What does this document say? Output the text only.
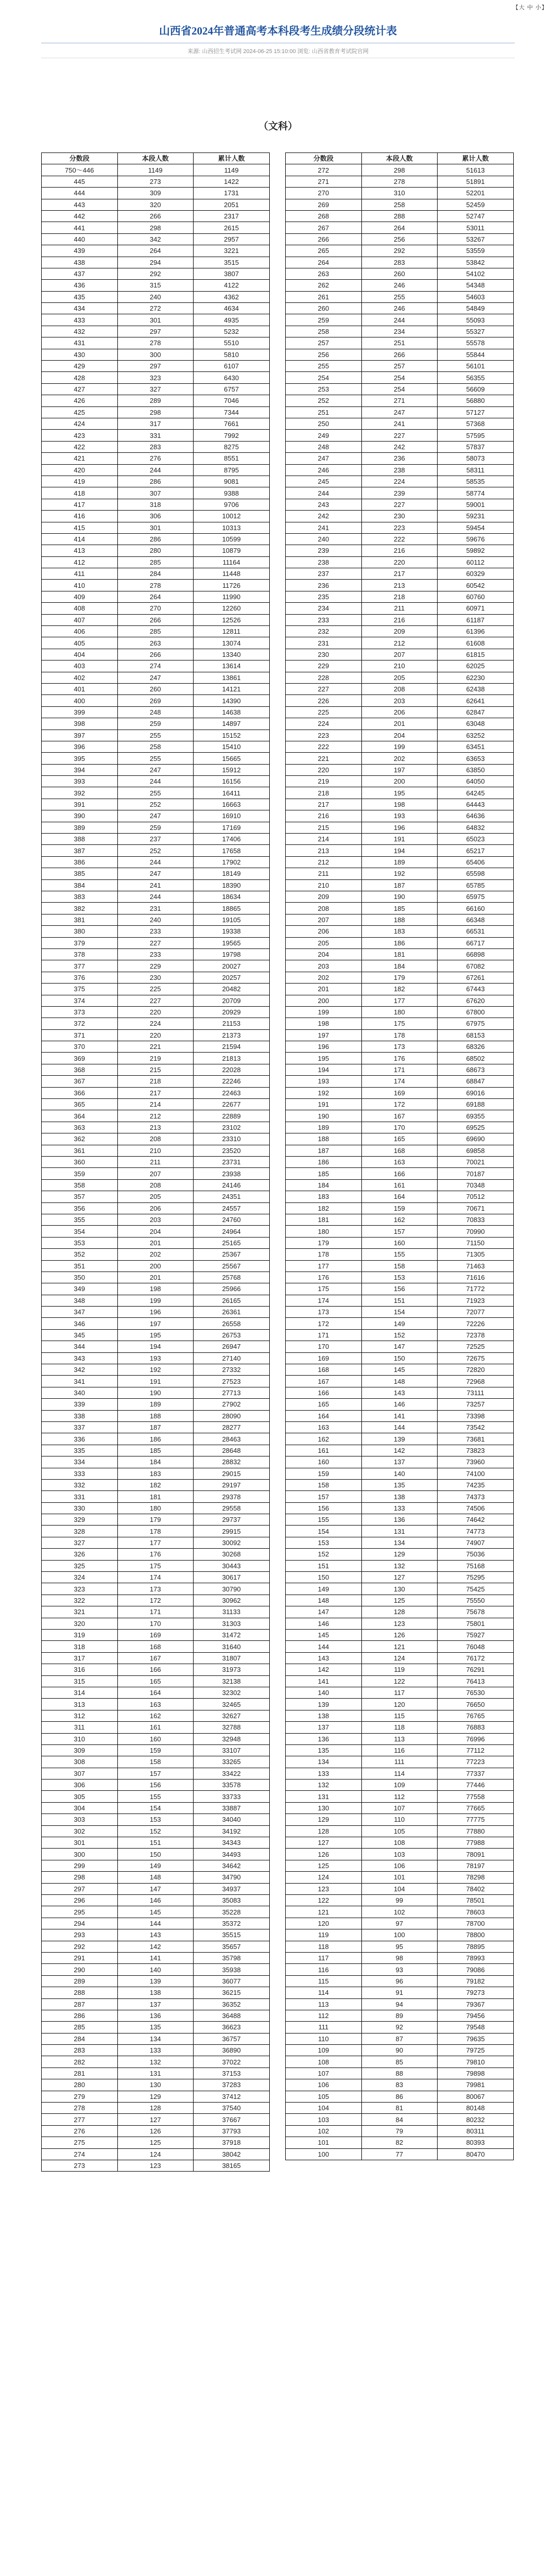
【大 中 小】
山西省2024年普通高考本科段考生成绩分段统计表
来源: 山西招生考试网 2024-06-25 15:10:00 浏览: 山西省教育考试院官网
（文科）
分数段	本段人数	累计人数
750～446	1149	1149
445	273	1422
444	309	1731
443	320	2051
442	266	2317
441	298	2615
440	342	2957
439	264	3221
438	294	3515
437	292	3807
436	315	4122
435	240	4362
434	272	4634
433	301	4935
432	297	5232
431	278	5510
430	300	5810
429	297	6107
428	323	6430
427	327	6757
426	289	7046
425	298	7344
424	317	7661
423	331	7992
422	283	8275
421	276	8551
420	244	8795
419	286	9081
418	307	9388
417	318	9706
416	306	10012
415	301	10313
414	286	10599
413	280	10879
412	285	11164
411	284	11448
410	278	11726
409	264	11990
408	270	12260
407	266	12526
406	285	12811
405	263	13074
404	266	13340
403	274	13614
402	247	13861
401	260	14121
400	269	14390
399	248	14638
398	259	14897
397	255	15152
396	258	15410
395	255	15665
394	247	15912
393	244	16156
392	255	16411
391	252	16663
390	247	16910
389	259	17169
388	237	17406
387	252	17658
386	244	17902
385	247	18149
384	241	18390
383	244	18634
382	231	18865
381	240	19105
380	233	19338
379	227	19565
378	233	19798
377	229	20027
376	230	20257
375	225	20482
374	227	20709
373	220	20929
372	224	21153
371	220	21373
370	221	21594
369	219	21813
368	215	22028
367	218	22246
366	217	22463
365	214	22677
364	212	22889
363	213	23102
362	208	23310
361	210	23520
360	211	23731
359	207	23938
358	208	24146
357	205	24351
356	206	24557
355	203	24760
354	204	24964
353	201	25165
352	202	25367
351	200	25567
350	201	25768
349	198	25966
348	199	26165
347	196	26361
346	197	26558
345	195	26753
344	194	26947
343	193	27140
342	192	27332
341	191	27523
340	190	27713
339	189	27902
338	188	28090
337	187	28277
336	186	28463
335	185	28648
334	184	28832
333	183	29015
332	182	29197
331	181	29378
330	180	29558
329	179	29737
328	178	29915
327	177	30092
326	176	30268
325	175	30443
324	174	30617
323	173	30790
322	172	30962
321	171	31133
320	170	31303
319	169	31472
318	168	31640
317	167	31807
316	166	31973
315	165	32138
314	164	32302
313	163	32465
312	162	32627
311	161	32788
310	160	32948
309	159	33107
308	158	33265
307	157	33422
306	156	33578
305	155	33733
304	154	33887
303	153	34040
302	152	34192
301	151	34343
300	150	34493
299	149	34642
298	148	34790
297	147	34937
296	146	35083
295	145	35228
294	144	35372
293	143	35515
292	142	35657
291	141	35798
290	140	35938
289	139	36077
288	138	36215
287	137	36352
286	136	36488
285	135	36623
284	134	36757
283	133	36890
282	132	37022
281	131	37153
280	130	37283
279	129	37412
278	128	37540
277	127	37667
276	126	37793
275	125	37918
274	124	38042
273	123	38165
分数段	本段人数	累计人数
272	298	51613
271	278	51891
270	310	52201
269	258	52459
268	288	52747
267	264	53011
266	256	53267
265	292	53559
264	283	53842
263	260	54102
262	246	54348
261	255	54603
260	246	54849
259	244	55093
258	234	55327
257	251	55578
256	266	55844
255	257	56101
254	254	56355
253	254	56609
252	271	56880
251	247	57127
250	241	57368
249	227	57595
248	242	57837
247	236	58073
246	238	58311
245	224	58535
244	239	58774
243	227	59001
242	230	59231
241	223	59454
240	222	59676
239	216	59892
238	220	60112
237	217	60329
236	213	60542
235	218	60760
234	211	60971
233	216	61187
232	209	61396
231	212	61608
230	207	61815
229	210	62025
228	205	62230
227	208	62438
226	203	62641
225	206	62847
224	201	63048
223	204	63252
222	199	63451
221	202	63653
220	197	63850
219	200	64050
218	195	64245
217	198	64443
216	193	64636
215	196	64832
214	191	65023
213	194	65217
212	189	65406
211	192	65598
210	187	65785
209	190	65975
208	185	66160
207	188	66348
206	183	66531
205	186	66717
204	181	66898
203	184	67082
202	179	67261
201	182	67443
200	177	67620
199	180	67800
198	175	67975
197	178	68153
196	173	68326
195	176	68502
194	171	68673
193	174	68847
192	169	69016
191	172	69188
190	167	69355
189	170	69525
188	165	69690
187	168	69858
186	163	70021
185	166	70187
184	161	70348
183	164	70512
182	159	70671
181	162	70833
180	157	70990
179	160	71150
178	155	71305
177	158	71463
176	153	71616
175	156	71772
174	151	71923
173	154	72077
172	149	72226
171	152	72378
170	147	72525
169	150	72675
168	145	72820
167	148	72968
166	143	73111
165	146	73257
164	141	73398
163	144	73542
162	139	73681
161	142	73823
160	137	73960
159	140	74100
158	135	74235
157	138	74373
156	133	74506
155	136	74642
154	131	74773
153	134	74907
152	129	75036
151	132	75168
150	127	75295
149	130	75425
148	125	75550
147	128	75678
146	123	75801
145	126	75927
144	121	76048
143	124	76172
142	119	76291
141	122	76413
140	117	76530
139	120	76650
138	115	76765
137	118	76883
136	113	76996
135	116	77112
134	111	77223
133	114	77337
132	109	77446
131	112	77558
130	107	77665
129	110	77775
128	105	77880
127	108	77988
126	103	78091
125	106	78197
124	101	78298
123	104	78402
122	99	78501
121	102	78603
120	97	78700
119	100	78800
118	95	78895
117	98	78993
116	93	79086
115	96	79182
114	91	79273
113	94	79367
112	89	79456
111	92	79548
110	87	79635
109	90	79725
108	85	79810
107	88	79898
106	83	79981
105	86	80067
104	81	80148
103	84	80232
102	79	80311
101	82	80393
100	77	80470
